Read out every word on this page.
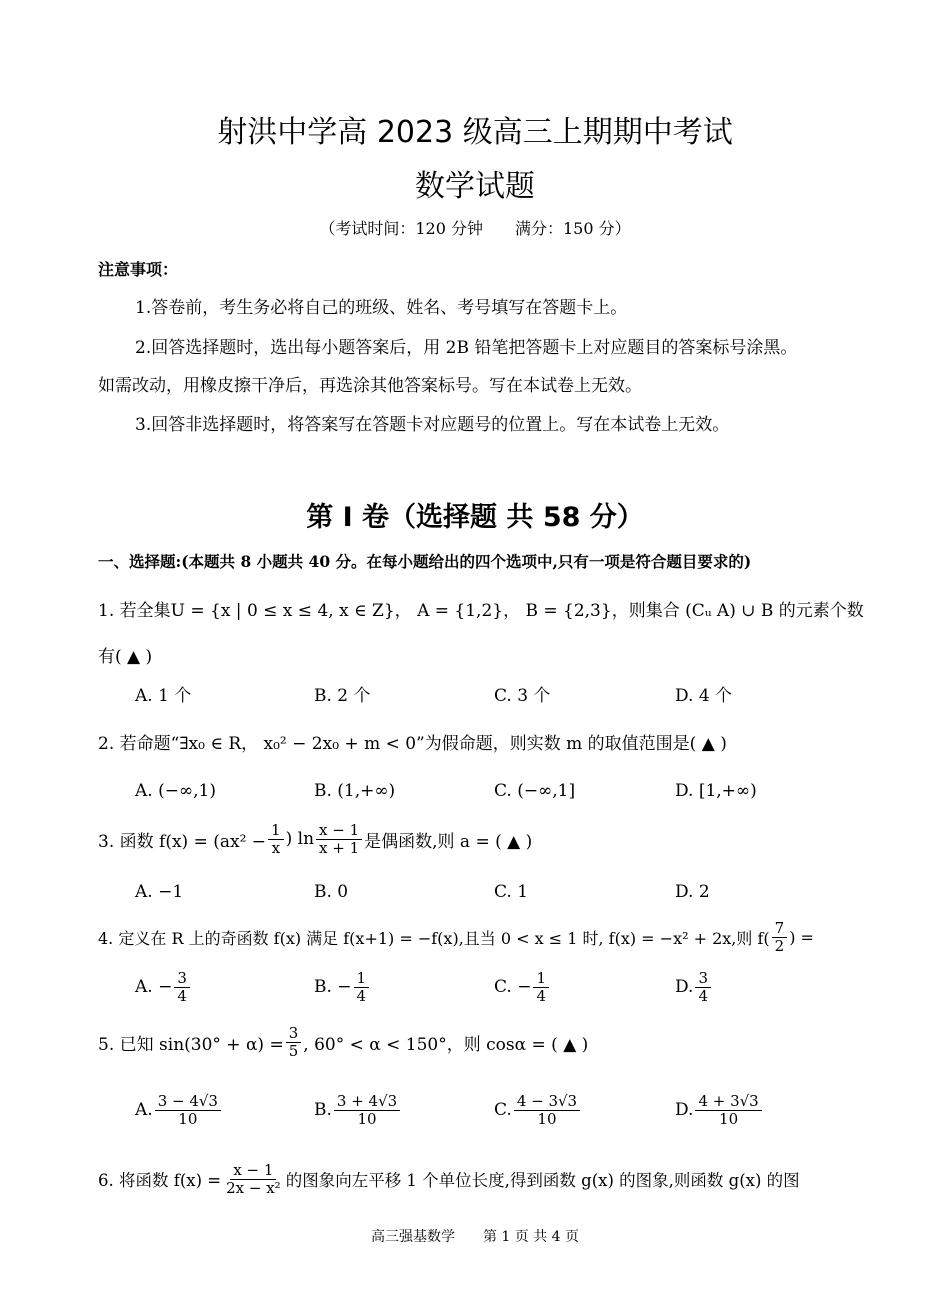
射洪中学高 2023 级高三上期期中考试
数学试题
（考试时间：120 分钟　　满分：150 分）
注意事项：
1.答卷前，考生务必将自己的班级、姓名、考号填写在答题卡上。
2.回答选择题时，选出每小题答案后，用 2B 铅笔把答题卡上对应题目的答案标号涂黑。
如需改动，用橡皮擦干净后，再选涂其他答案标号。写在本试卷上无效。
3.回答非选择题时，将答案写在答题卡对应题号的位置上。写在本试卷上无效。
第 I 卷（选择题 共 58 分）
一、选择题:(本题共 8 小题共 40 分。在每小题给出的四个选项中,只有一项是符合题目要求的)
1. 若全集U = {x | 0 ≤ x ≤ 4, x ∈ Z}， A = {1,2}， B = {2,3}，则集合 (Cᵤ A) ∪ B 的元素个数
有( ▲ )
A. 1 个	B. 2 个	C. 3 个	D. 4 个
2. 若命题“∃x₀ ∈ R， x₀² − 2x₀ + m < 0”为假命题，则实数 m 的取值范围是( ▲ )
A. (−∞,1)	B. (1,+∞)	C. (−∞,1]	D. [1,+∞)
3. 函数 $f(x) = (ax^2 - \frac{1}{x}$ ) $\ln \frac{x - 1}{x + 1}$ 是偶函数,则 a = ( ▲ )
A. −1	B. 0	C. 1	D. 2
4. 定义在 R 上的奇函数 f(x) 满足 f(x+1) = −f(x),且当 0 < x ≤ 1 时, f(x) = −x² + 2x,则 $f( \frac{7}{2}$ ) =
A. − $\frac{3}{4}$	B. − $\frac{1}{4}$	C. − $\frac{1}{4}$	D. $\frac{3}{4}$
5. 已知 $\sin(30^\circ + \alpha) = \frac{3}{5}$ , 60° < α < 150°，则 cosα = ( ▲ )
A. $\frac{3 - 4√3}{10}$	B. $\frac{3 + 4√3}{10}$	C. $\frac{4 - 3√3}{10}$	D. $\frac{4 + 3√3}{10}$
6. 将函数 $f(x) = \frac{x - 1}{\text{2x − x²}}$ 的图象向左平移 1 个单位长度,得到函数 g(x) 的图象,则函数 g(x) 的图
高三强基数学　　第 1 页 共 4 页
